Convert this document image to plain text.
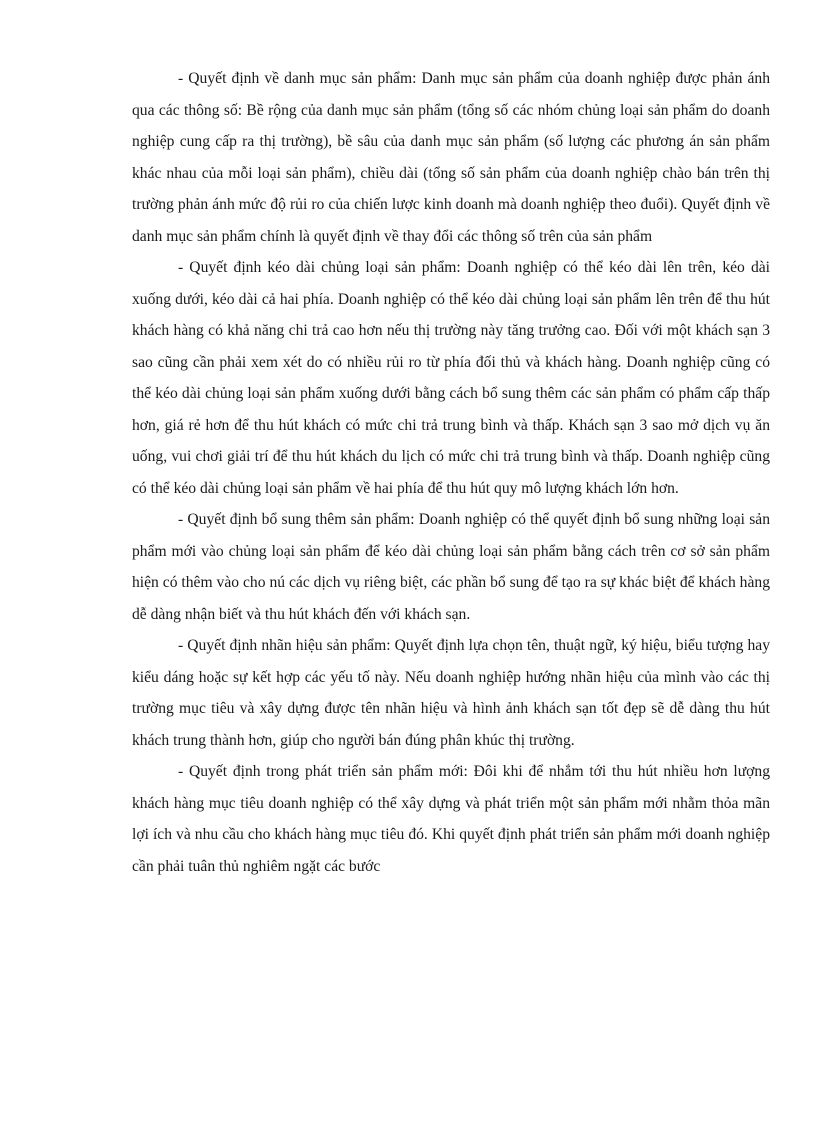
- Quyết định về danh mục sản phẩm: Danh mục sản phẩm của doanh nghiệp được phản ánh qua các thông số: Bề rộng của danh mục sản phẩm (tổng số các nhóm chủng loại sản phẩm do doanh nghiệp cung cấp ra thị trường), bề sâu của danh mục sản phẩm (số lượng các phương án sản phẩm khác nhau của mỗi loại sản phẩm), chiều dài (tổng số sản phẩm của doanh nghiệp chào bán trên thị trường phản ánh mức độ rủi ro của chiến lược kinh doanh mà doanh nghiệp theo đuổi). Quyết định về danh mục sản phẩm chính là quyết định về thay đổi các thông số trên của sản phẩm

- Quyết định kéo dài chủng loại sản phẩm: Doanh nghiệp có thể kéo dài lên trên, kéo dài xuống dưới, kéo dài cả hai phía. Doanh nghiệp có thể kéo dài chủng loại sản phẩm lên trên để thu hút khách hàng có khả năng chi trả cao hơn nếu thị trường này tăng trưởng cao. Đối với một khách sạn 3 sao cũng cần phải xem xét do có nhiều rủi ro từ phía đối thủ và khách hàng. Doanh nghiệp cũng có thể kéo dài chủng loại sản phẩm xuống dưới bằng cách bổ sung thêm các sản phẩm có phẩm cấp thấp hơn, giá rẻ hơn để thu hút khách có mức chi trả trung bình và thấp. Khách sạn 3 sao mở dịch vụ ăn uống, vui chơi giải trí để thu hút khách du lịch có mức chi trả trung bình và thấp. Doanh nghiệp cũng có thể kéo dài chủng loại sản phẩm về hai phía để thu hút quy mô lượng khách lớn hơn.

- Quyết định bổ sung thêm sản phẩm: Doanh nghiệp có thể quyết định bổ sung những loại sản phẩm mới vào chủng loại sản phẩm để kéo dài chủng loại sản phẩm bằng cách trên cơ sở sản phẩm hiện có thêm vào cho nú các dịch vụ riêng biệt, các phần bổ sung để tạo ra sự khác biệt để khách hàng dễ dàng nhận biết và thu hút khách đến với khách sạn.

- Quyết định nhãn hiệu sản phẩm: Quyết định lựa chọn tên, thuật ngữ, ký hiệu, biểu tượng hay kiểu dáng hoặc sự kết hợp các yếu tố này. Nếu doanh nghiệp hướng nhãn hiệu của mình vào các thị trường mục tiêu và xây dựng được tên nhãn hiệu và hình ảnh khách sạn tốt đẹp sẽ dễ dàng thu hút khách trung thành hơn, giúp cho người bán đúng phân khúc thị trường.

- Quyết định trong phát triển sản phẩm mới: Đôi khi để nhắm tới thu hút nhiều hơn lượng khách hàng mục tiêu doanh nghiệp có thể xây dựng và phát triển một sản phẩm mới nhằm thỏa mãn lợi ích và nhu cầu cho khách hàng mục tiêu đó. Khi quyết định phát triển sản phẩm mới doanh nghiệp cần phải tuân thủ nghiêm ngặt các bước
